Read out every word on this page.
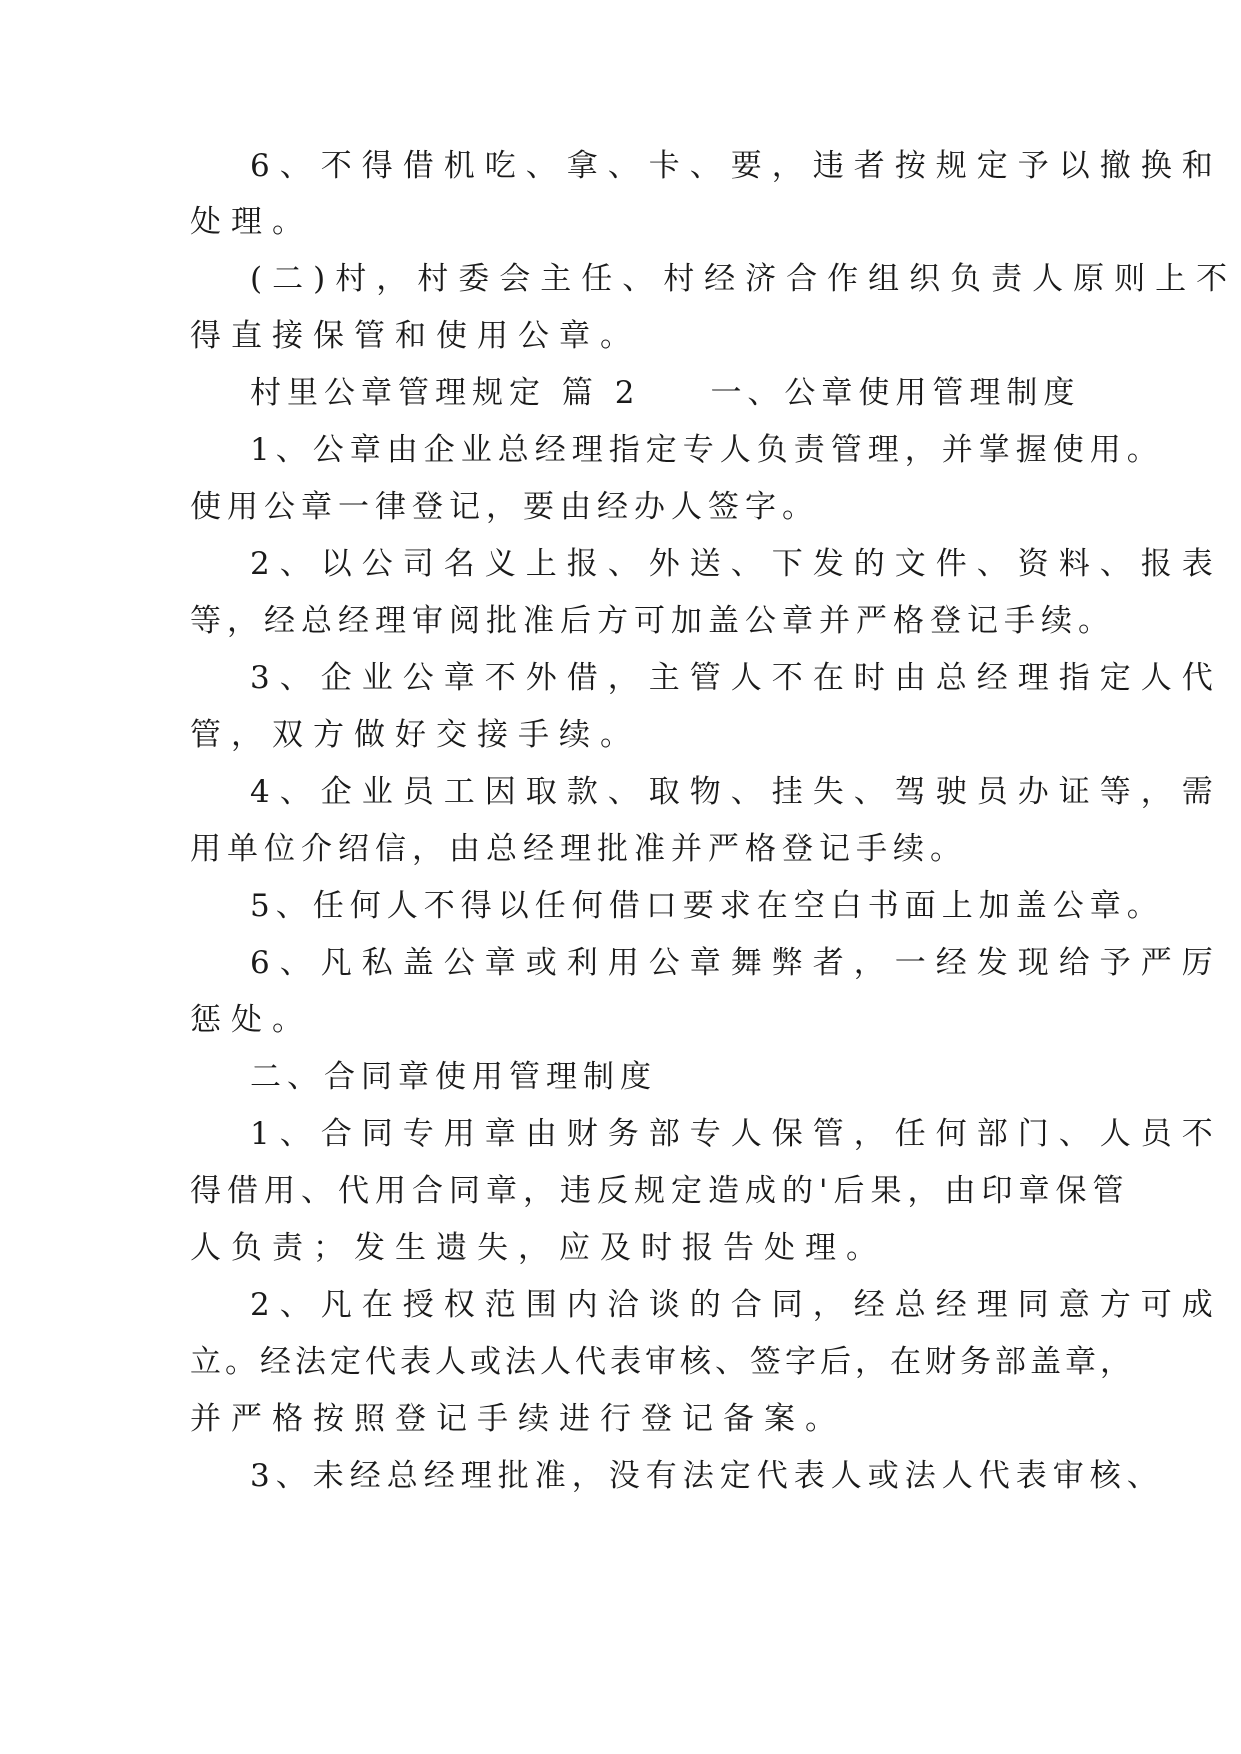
6、不得借机吃、拿、卡、要，违者按规定予以撤换和
处理。
(二)村，村委会主任、村经济合作组织负责人原则上不
得直接保管和使用公章。
村里公章管理规定 篇 2 一、公章使用管理制度
1、公章由企业总经理指定专人负责管理，并掌握使用。
使用公章一律登记，要由经办人签字。
2、以公司名义上报、外送、下发的文件、资料、报表
等，经总经理审阅批准后方可加盖公章并严格登记手续。
3、企业公章不外借，主管人不在时由总经理指定人代
管，双方做好交接手续。
4、企业员工因取款、取物、挂失、驾驶员办证等，需
用单位介绍信，由总经理批准并严格登记手续。
5、任何人不得以任何借口要求在空白书面上加盖公章。
6、凡私盖公章或利用公章舞弊者，一经发现给予严厉
惩处。
二、合同章使用管理制度
1、合同专用章由财务部专人保管，任何部门、人员不
得借用、代用合同章，违反规定造成的'后果，由印章保管
人负责；发生遗失，应及时报告处理。
2、凡在授权范围内洽谈的合同，经总经理同意方可成
立。经法定代表人或法人代表审核、签字后，在财务部盖章，
并严格按照登记手续进行登记备案。
3、未经总经理批准，没有法定代表人或法人代表审核、
